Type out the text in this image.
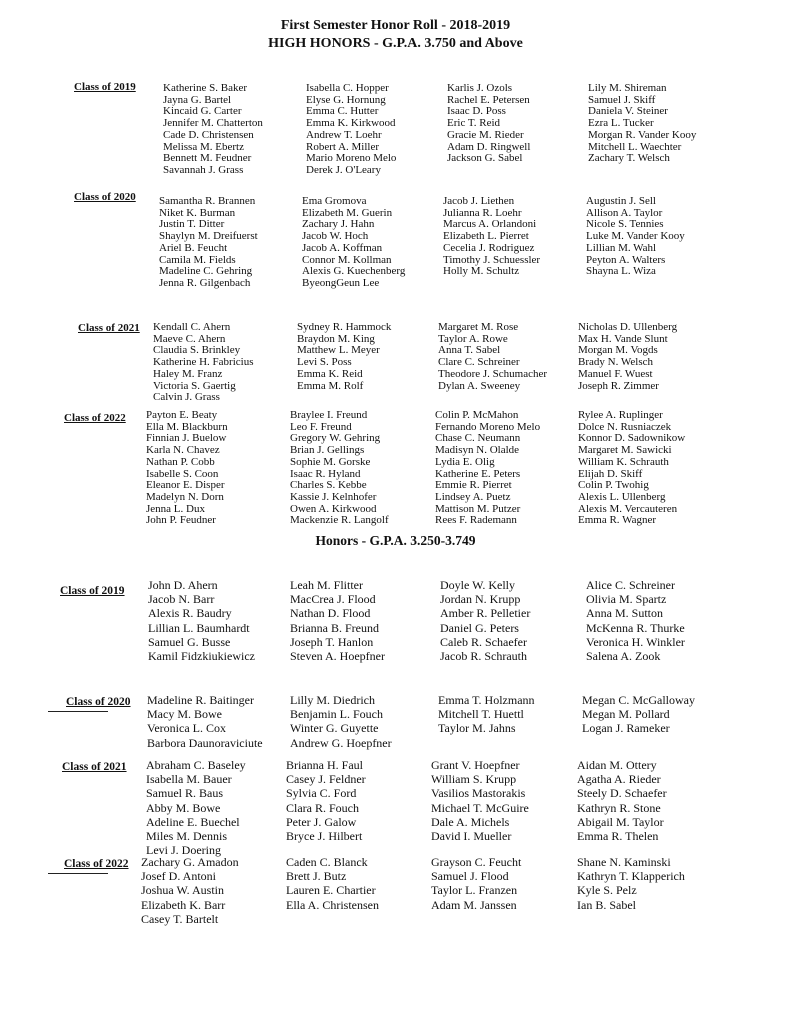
First Semester Honor Roll - 2018-2019
HIGH HONORS - G.P.A. 3.750 and Above
Class of 2019 Katherine S. Baker
Jayna G. Bartel
Kincaid G. Carter
Jennifer M. Chatterton
Cade D. Christensen
Melissa M. Ebertz
Bennett M. Feudner
Savannah J. Grass
Isabella C. Hopper
Elyse G. Hornung
Emma C. Hutter
Emma K. Kirkwood
Andrew T. Loehr
Robert A. Miller
Mario Moreno Melo
Derek J. O'Leary
Karlis J. Ozols
Rachel E. Petersen
Isaac D. Poss
Eric T. Reid
Gracie M. Rieder
Adam D. Ringwell
Jackson G. Sabel
Lily M. Shireman
Samuel J. Skiff
Daniela V. Steiner
Ezra L. Tucker
Morgan R. Vander Kooy
Mitchell L. Waechter
Zachary T. Welsch
Class of 2020 Samantha R. Brannen
Niket K. Burman
Justin T. Ditter
Shaylyn M. Dreifuerst
Ariel B. Feucht
Camila M. Fields
Madeline C. Gehring
Jenna R. Gilgenbach
Ema Gromova
Elizabeth M. Guerin
Zachary J. Hahn
Jacob W. Hoch
Jacob A. Koffman
Connor M. Kollman
Alexis G. Kuechenberg
ByeongGeun Lee
Jacob J. Liethen
Julianna R. Loehr
Marcus A. Orlandoni
Elizabeth L. Pierret
Cecelia J. Rodriguez
Timothy J. Schuessler
Holly M. Schultz
Augustin J. Sell
Allison A. Taylor
Nicole S. Tennies
Luke M. Vander Kooy
Lillian M. Wahl
Peyton A. Walters
Shayna L. Wiza
Class of 2021 Kendall C. Ahern
Maeve C. Ahern
Claudia S. Brinkley
Katherine H. Fabricius
Haley M. Franz
Victoria S. Gaertig
Calvin J. Grass
Sydney R. Hammock
Braydon M. King
Matthew L. Meyer
Levi S. Poss
Emma K. Reid
Emma M. Rolf
Margaret M. Rose
Taylor A. Rowe
Anna T. Sabel
Clare C. Schreiner
Theodore J. Schumacher
Dylan A. Sweeney
Nicholas D. Ullenberg
Max H. Vande Slunt
Morgan M. Vogds
Brady N. Welsch
Manuel F. Wuest
Joseph R. Zimmer
Class of 2022 Payton E. Beaty
Ella M. Blackburn
Finnian J. Buelow
Karla N. Chavez
Nathan P. Cobb
Isabelle S. Coon
Eleanor E. Disper
Madelyn N. Dorn
Jenna L. Dux
John P. Feudner
Braylee I. Freund
Leo F. Freund
Gregory W. Gehring
Brian J. Gellings
Sophie M. Gorske
Isaac R. Hyland
Charles S. Kebbe
Kassie J. Kelnhofer
Owen A. Kirkwood
Mackenzie R. Langolf
Colin P. McMahon
Fernando Moreno Melo
Chase C. Neumann
Madisyn N. Olalde
Lydia E. Olig
Katherine E. Peters
Emmie R. Pierret
Lindsey A. Puetz
Mattison M. Putzer
Rees F. Rademann
Rylee A. Ruplinger
Dolce N. Rusniaczek
Konnor D. Sadownikow
Margaret M. Sawicki
William K. Schrauth
Elijah D. Skiff
Colin P. Twohig
Alexis L. Ullenberg
Alexis M. Vercauteren
Emma R. Wagner
Honors - G.P.A. 3.250-3.749
Class of 2019 John D. Ahern
Jacob N. Barr
Alexis R. Baudry
Lillian L. Baumhardt
Samuel G. Busse
Kamil Fidzkiukiewicz
Leah M. Flitter
MacCrea J. Flood
Nathan D. Flood
Brianna B. Freund
Joseph T. Hanlon
Steven A. Hoepfner
Doyle W. Kelly
Jordan N. Krupp
Amber R. Pelletier
Daniel G. Peters
Caleb R. Schaefer
Jacob R. Schrauth
Alice C. Schreiner
Olivia M. Spartz
Anna M. Sutton
McKenna R. Thurke
Veronica H. Winkler
Salena A. Zook
Class of 2020 Madeline R. Baitinger
Macy M. Bowe
Veronica L. Cox
Barbora Daunoraviciute
Lilly M. Diedrich
Benjamin L. Fouch
Winter G. Guyette
Andrew G. Hoepfner
Emma T. Holzmann
Mitchell T. Huettl
Taylor M. Jahns
Megan C. McGalloway
Megan M. Pollard
Logan J. Rameker
Class of 2021 Abraham C. Baseley
Isabella M. Bauer
Samuel R. Baus
Abby M. Bowe
Adeline E. Buechel
Miles M. Dennis
Levi J. Doering
Brianna H. Faul
Casey J. Feldner
Sylvia C. Ford
Clara R. Fouch
Peter J. Galow
Bryce J. Hilbert
Grant V. Hoepfner
William S. Krupp
Vasilios Mastorakis
Michael T. McGuire
Dale A. Michels
David I. Mueller
Aidan M. Ottery
Agatha A. Rieder
Steely D. Schaefer
Kathryn R. Stone
Abigail M. Taylor
Emma R. Thelen
Class of 2022 Zachary G. Amadon
Josef D. Antoni
Joshua W. Austin
Elizabeth K. Barr
Casey T. Bartelt
Caden C. Blanck
Brett J. Butz
Lauren E. Chartier
Ella A. Christensen
Grayson C. Feucht
Samuel J. Flood
Taylor L. Franzen
Adam M. Janssen
Shane N. Kaminski
Kathryn T. Klapperich
Kyle S. Pelz
Ian B. Sabel
